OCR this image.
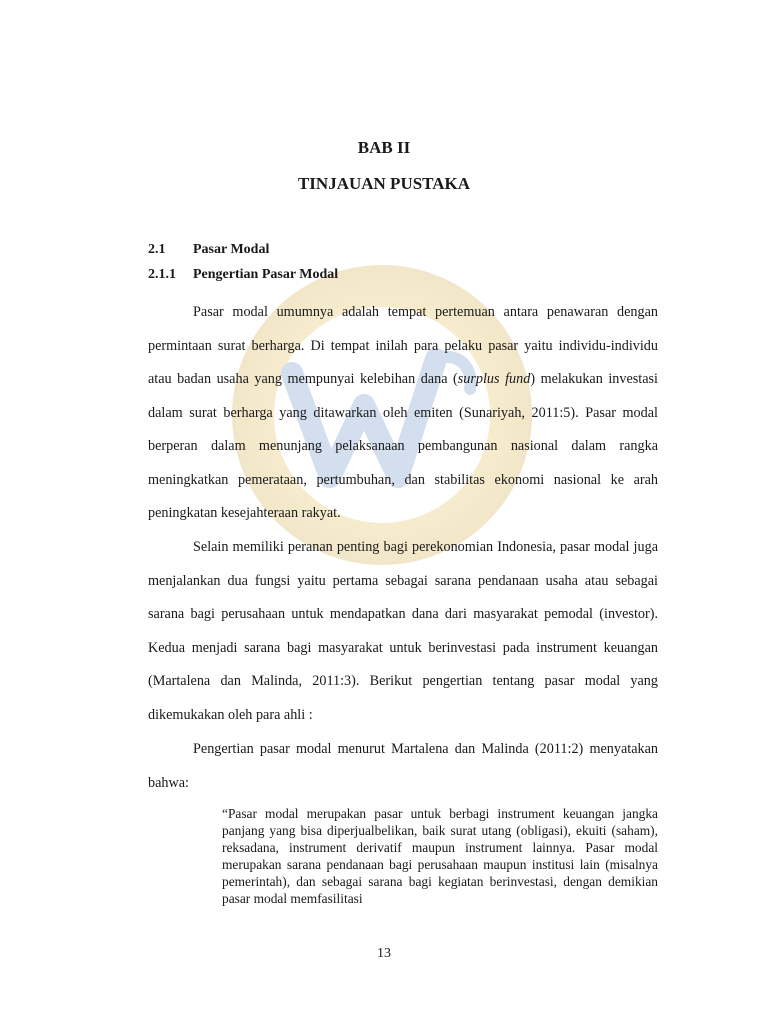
BAB II
TINJAUAN PUSTAKA
2.1 Pasar Modal
2.1.1 Pengertian Pasar Modal

Pasar modal umumnya adalah tempat pertemuan antara penawaran dengan permintaan surat berharga. Di tempat inilah para pelaku pasar yaitu individu-individu atau badan usaha yang mempunyai kelebihan dana (surplus fund) melakukan investasi dalam surat berharga yang ditawarkan oleh emiten (Sunariyah, 2011:5). Pasar modal berperan dalam menunjang pelaksanaan pembangunan nasional dalam rangka meningkatkan pemerataan, pertumbuhan, dan stabilitas ekonomi nasional ke arah peningkatan kesejahteraan rakyat.

Selain memiliki peranan penting bagi perekonomian Indonesia, pasar modal juga menjalankan dua fungsi yaitu pertama sebagai sarana pendanaan usaha atau sebagai sarana bagi perusahaan untuk mendapatkan dana dari masyarakat pemodal (investor). Kedua menjadi sarana bagi masyarakat untuk berinvestasi pada instrument keuangan (Martalena dan Malinda, 2011:3). Berikut pengertian tentang pasar modal yang dikemukakan oleh para ahli :

Pengertian pasar modal menurut Martalena dan Malinda (2011:2) menyatakan bahwa:

“Pasar modal merupakan pasar untuk berbagi instrument keuangan jangka panjang yang bisa diperjualbelikan, baik surat utang (obligasi), ekuiti (saham), reksadana, instrument derivatif maupun instrument lainnya. Pasar modal merupakan sarana pendanaan bagi perusahaan maupun institusi lain (misalnya pemerintah), dan sebagai sarana bagi kegiatan berinvestasi, dengan demikian pasar modal memfasilitasi

13
